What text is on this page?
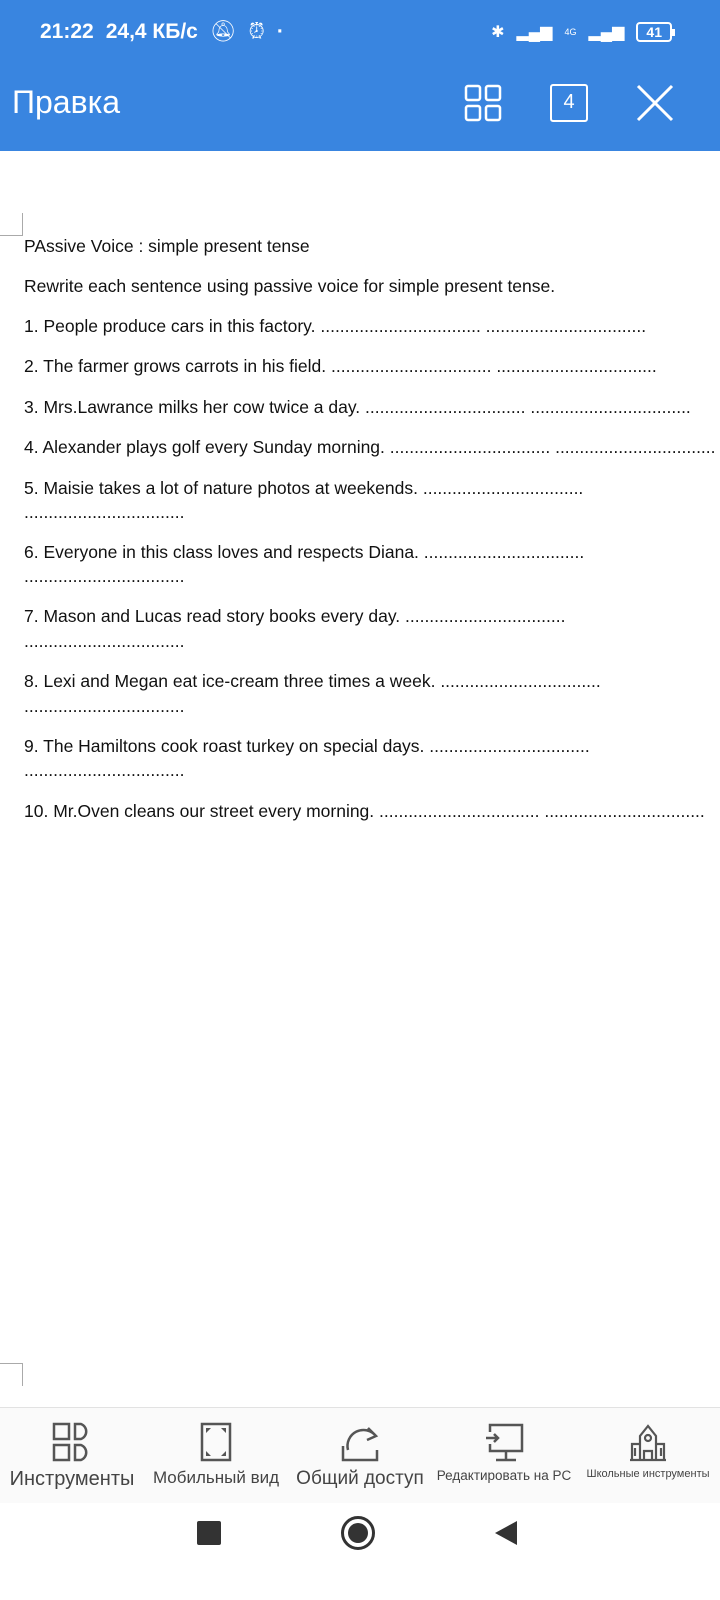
21:22 24,4 КБ/с 🔕︎ ⏰︎ ·	✱ ▂▄▆ 4G ▂▄▆	41
Правка	4
PAssive Voice : simple present tense
Rewrite each sentence using passive voice for simple present tense.
1. People produce cars in this factory. ................................. .................................
2. The farmer grows carrots in his field. ................................. .................................
3. Mrs.Lawrance milks her cow twice a day. ................................. .................................
4. Alexander plays golf every Sunday morning. ................................. .................................
5. Maisie takes a lot of nature photos at weekends. .................................
.................................
6. Everyone in this class loves and respects Diana. .................................
.................................
7. Mason and Lucas read story books every day. .................................
.................................
8. Lexi and Megan eat ice-cream three times a week. .................................
.................................
9. The Hamiltons cook roast turkey on special days. .................................
.................................
10. Mr.Oven cleans our street every morning. ................................. .................................
Инструменты Мобильный вид Общий доступ Редактировать на PC Школьные инструменты
